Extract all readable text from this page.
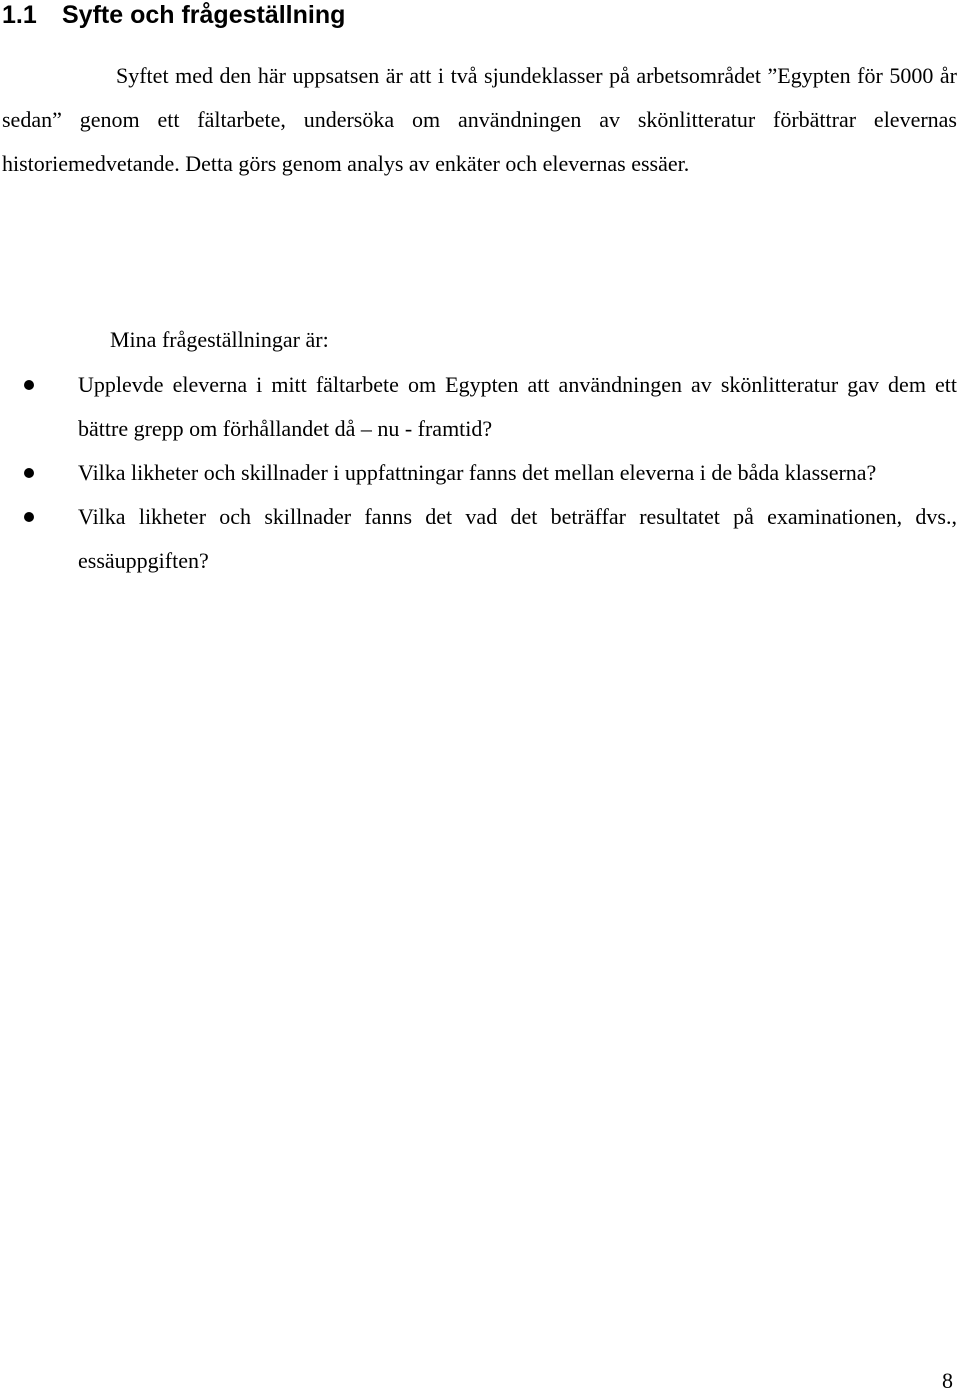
1.1 Syfte och frågeställning

Syftet med den här uppsatsen är att i två sjundeklasser på arbetsområdet ”Egypten för 5000 år sedan” genom ett fältarbete, undersöka om användningen av skönlitteratur förbättrar elevernas historiemedvetande. Detta görs genom analys av enkäter och elevernas essäer.

Mina frågeställningar är:

Upplevde eleverna i mitt fältarbete om Egypten att användningen av skönlitteratur gav dem ett bättre grepp om förhållandet då – nu - framtid?
Vilka likheter och skillnader i uppfattningar fanns det mellan eleverna i de båda klasserna?
Vilka likheter och skillnader fanns det vad det beträffar resultatet på examinationen, dvs., essäuppgiften?
8
